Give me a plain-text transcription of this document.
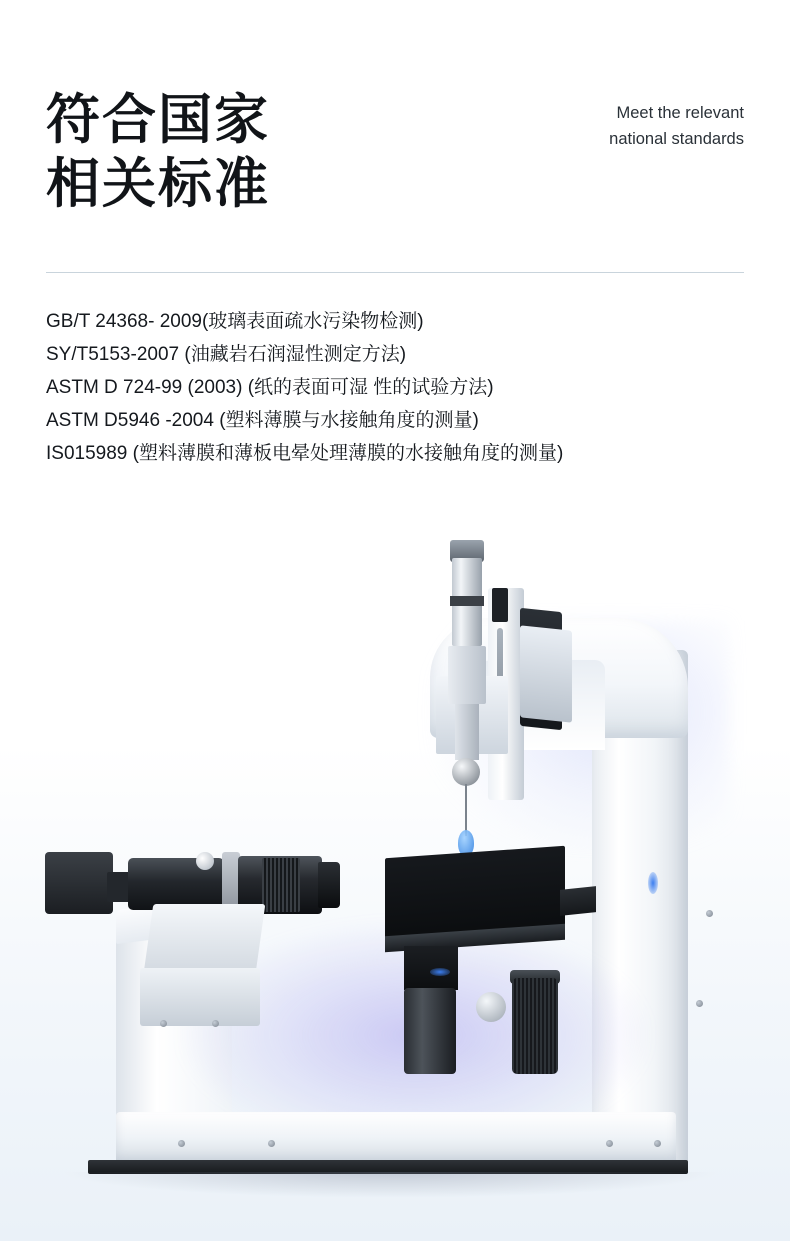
符合国家
相关标准
Meet the relevant
national standards
GB/T 24368- 2009(玻璃表面疏水污染物检测)
SY/T5153-2007 (油藏岩石润湿性测定方法)
ASTM D 724-99 (2003) (纸的表面可湿 性的试验方法)
ASTM D5946 -2004 (塑料薄膜与水接触角度的测量)
IS015989 (塑料薄膜和薄板电晕处理薄膜的水接触角度的测量)
